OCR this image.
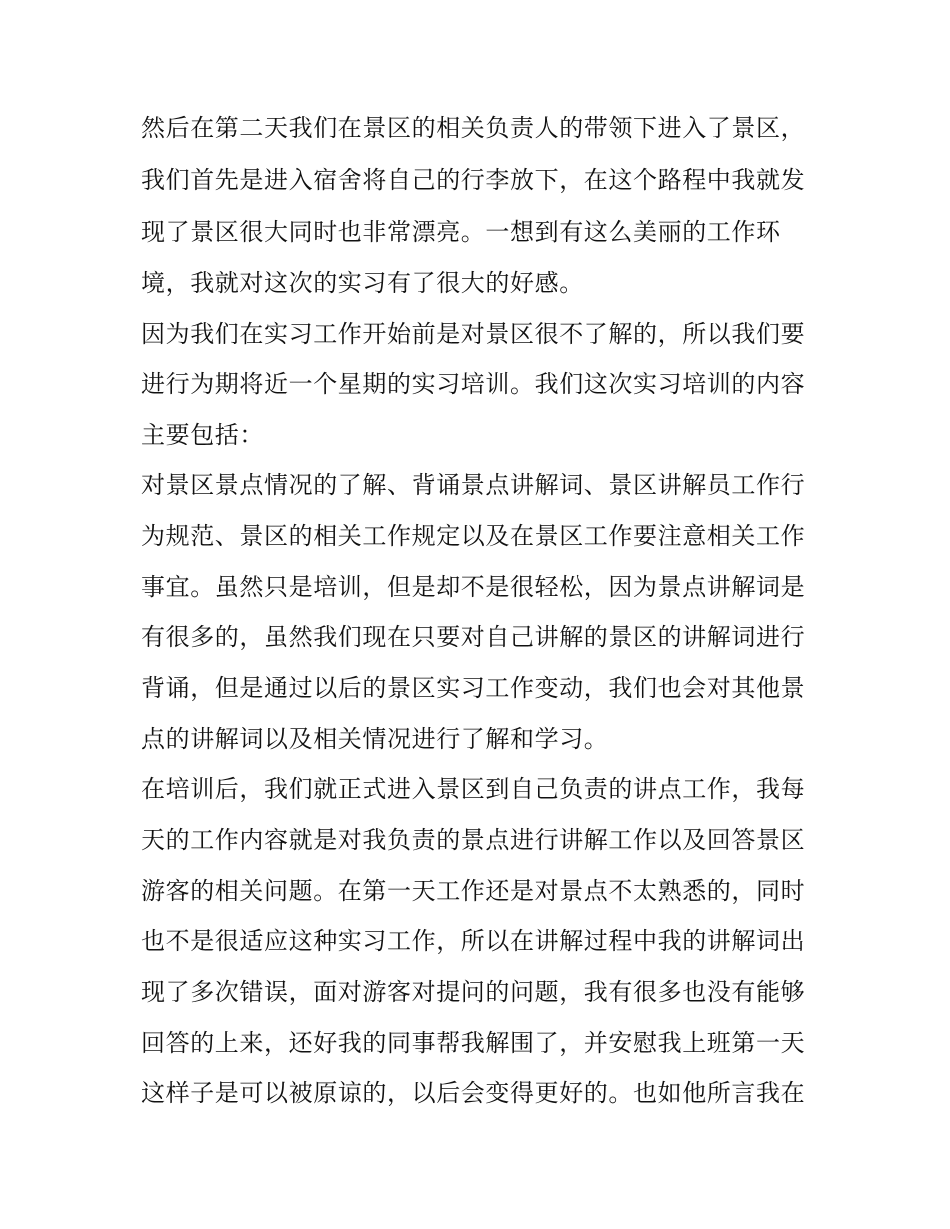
然后在第二天我们在景区的相关负责人的带领下进入了景区，
我们首先是进入宿舍将自己的行李放下，在这个路程中我就发
现了景区很大同时也非常漂亮。一想到有这么美丽的工作环
境，我就对这次的实习有了很大的好感。
因为我们在实习工作开始前是对景区很不了解的，所以我们要
进行为期将近一个星期的实习培训。我们这次实习培训的内容
主要包括：
对景区景点情况的了解、背诵景点讲解词、景区讲解员工作行
为规范、景区的相关工作规定以及在景区工作要注意相关工作
事宜。虽然只是培训，但是却不是很轻松，因为景点讲解词是
有很多的，虽然我们现在只要对自己讲解的景区的讲解词进行
背诵，但是通过以后的景区实习工作变动，我们也会对其他景
点的讲解词以及相关情况进行了解和学习。
在培训后，我们就正式进入景区到自己负责的讲点工作，我每
天的工作内容就是对我负责的景点进行讲解工作以及回答景区
游客的相关问题。在第一天工作还是对景点不太熟悉的，同时
也不是很适应这种实习工作，所以在讲解过程中我的讲解词出
现了多次错误，面对游客对提问的问题，我有很多也没有能够
回答的上来，还好我的同事帮我解围了，并安慰我上班第一天
这样子是可以被原谅的，以后会变得更好的。也如他所言我在
